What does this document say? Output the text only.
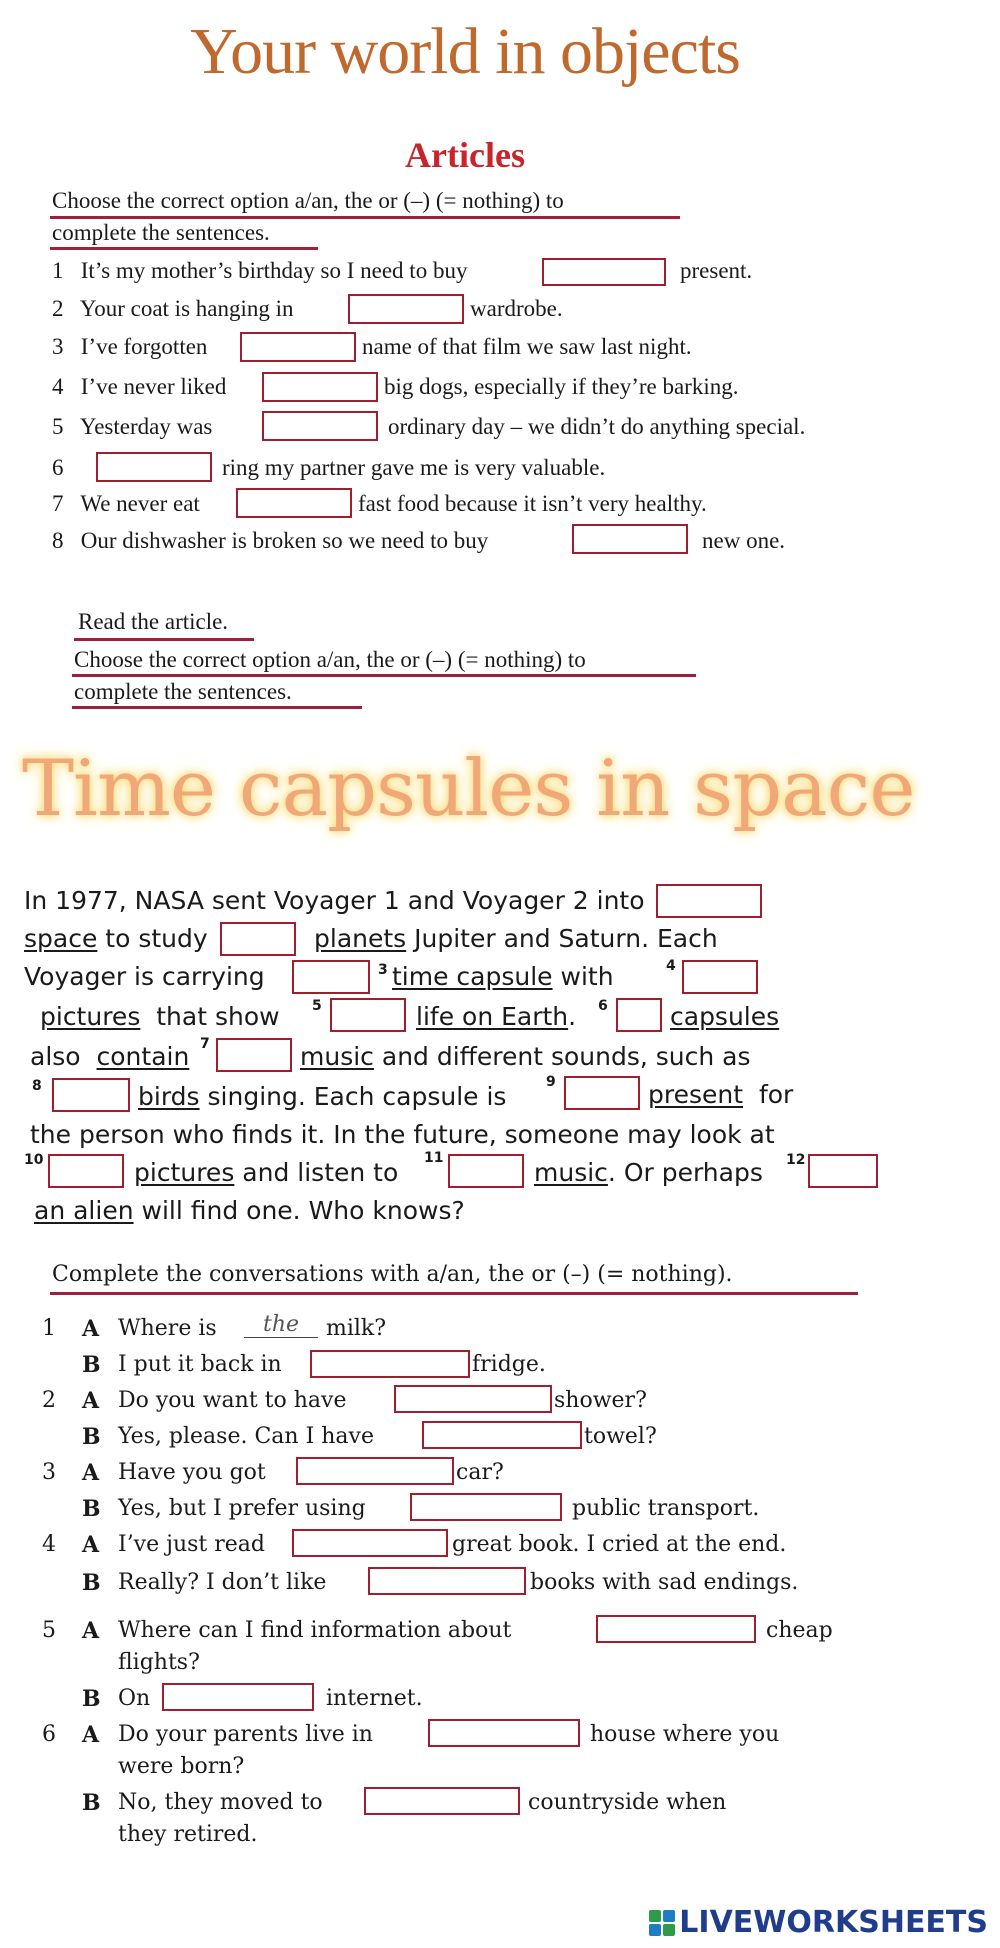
Your world in objects
Articles
Choose the correct option a/an, the or (–) (= nothing) to
complete the sentences.
1 It’s my mother’s birthday so I need to buy	present.
2 Your coat is hanging in	wardrobe.
3 I’ve forgotten	name of that film we saw last night.
4 I’ve never liked	big dogs, especially if they’re barking.
5 Yesterday was	ordinary day – we didn’t do anything special.
6	ring my partner gave me is very valuable.
7 We never eat	fast food because it isn’t very healthy.
8 Our dishwasher is broken so we need to buy	new one.
Read the article.
Choose the correct option a/an, the or (–) (= nothing) to
complete the sentences.
Time capsules in space
In 1977, NASA sent Voyager 1 and Voyager 2 into
space to study	planets Jupiter and Saturn. Each
Voyager is carrying	3 time capsule with	4
pictures that show 5	life on Earth. 6 capsules
also contain 7	music and different sounds, such as
8	birds singing. Each capsule is	9	present for
the person who finds it. In the future, someone may look at
10	pictures and listen to 11	music. Or perhaps 12
an alien will find one. Who knows?
Complete the conversations with a/an, the or (–) (= nothing).
1 A Where is	the	milk?
B I put it back in	fridge.
2 A Do you want to have	shower?
B Yes, please. Can I have	towel?
3 A Have you got	car?
B Yes, but I prefer using	public transport.
4 A I’ve just read	great book. I cried at the end.
B Really? I don’t like	books with sad endings.
5 A Where can I find information about	cheap
flights?
B On	internet.
6 A Do your parents live in	house where you
were born?
B No, they moved to	countryside when
they retired.
LIVEWORKSHEETS
